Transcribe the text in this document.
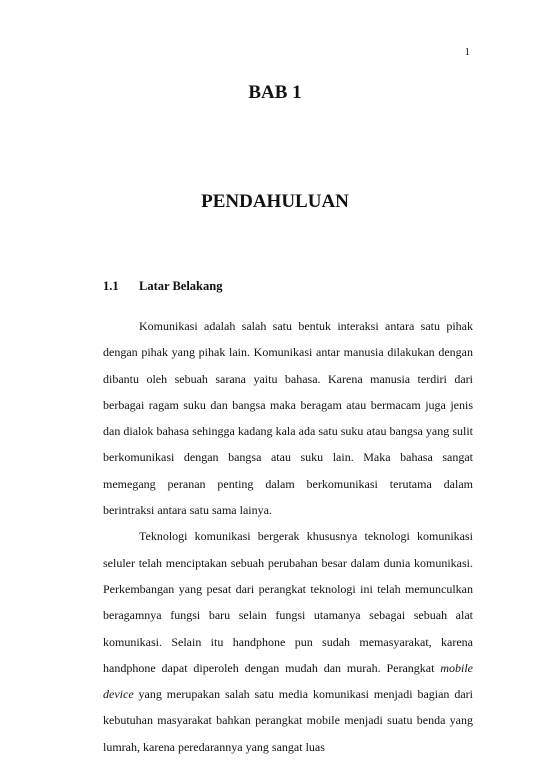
1
BAB 1
PENDAHULUAN
1.1 Latar Belakang

Komunikasi adalah salah satu bentuk interaksi antara satu pihak dengan pihak yang pihak lain. Komunikasi antar manusia dilakukan dengan dibantu oleh sebuah sarana yaitu bahasa. Karena manusia terdiri dari berbagai ragam suku dan bangsa maka beragam atau bermacam juga jenis dan dialok bahasa sehingga kadang kala ada satu suku atau bangsa yang sulit berkomunikasi dengan bangsa atau suku lain. Maka bahasa sangat memegang peranan penting dalam berkomunikasi terutama dalam berintraksi antara satu sama lainya.

Teknologi komunikasi bergerak khususnya teknologi komunikasi seluler telah menciptakan sebuah perubahan besar dalam dunia komunikasi. Perkembangan yang pesat dari perangkat teknologi ini telah memunculkan beragamnya fungsi baru selain fungsi utamanya sebagai sebuah alat komunikasi. Selain itu handphone pun sudah memasyarakat, karena handphone dapat diperoleh dengan mudah dan murah. Perangkat mobile device yang merupakan salah satu media komunikasi menjadi bagian dari kebutuhan masyarakat bahkan perangkat mobile menjadi suatu benda yang lumrah, karena peredarannya yang sangat luas
